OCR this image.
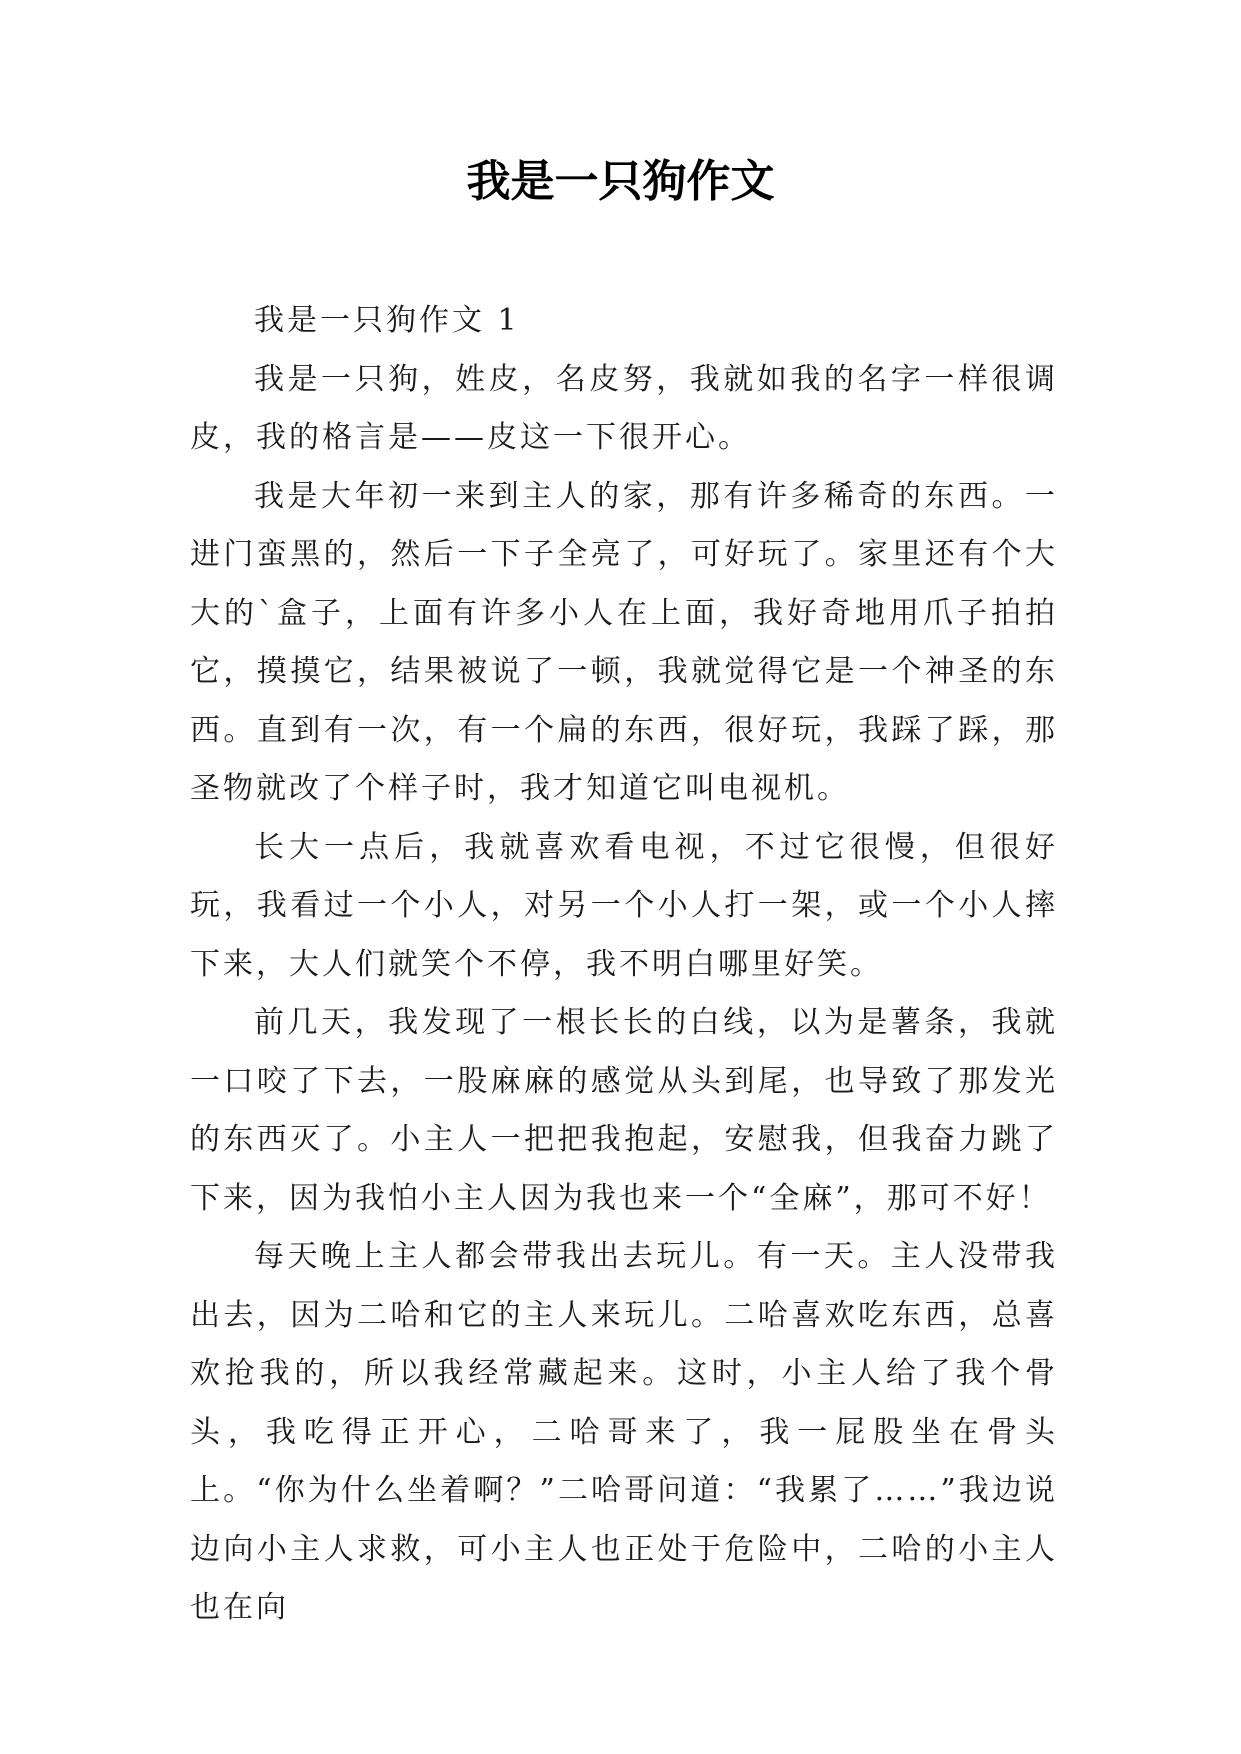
我是一只狗作文

我是一只狗作文 1

我是一只狗，姓皮，名皮努，我就如我的名字一样很调皮，我的格言是——皮这一下很开心。

我是大年初一来到主人的家，那有许多稀奇的东西。一进门蛮黑的，然后一下子全亮了，可好玩了。家里还有个大大的`盒子，上面有许多小人在上面，我好奇地用爪子拍拍它，摸摸它，结果被说了一顿，我就觉得它是一个神圣的东西。直到有一次，有一个扁的东西，很好玩，我踩了踩，那圣物就改了个样子时，我才知道它叫电视机。

长大一点后，我就喜欢看电视，不过它很慢，但很好玩，我看过一个小人，对另一个小人打一架，或一个小人摔下来，大人们就笑个不停，我不明白哪里好笑。

前几天，我发现了一根长长的白线，以为是薯条，我就一口咬了下去，一股麻麻的感觉从头到尾，也导致了那发光的东西灭了。小主人一把把我抱起，安慰我，但我奋力跳了下来，因为我怕小主人因为我也来一个“全麻”，那可不好！

每天晚上主人都会带我出去玩儿。有一天。主人没带我出去，因为二哈和它的主人来玩儿。二哈喜欢吃东西，总喜欢抢我的，所以我经常藏起来。这时，小主人给了我个骨头，我吃得正开心，二哈哥来了，我一屁股坐在骨头上。“你为什么坐着啊？”二哈哥问道：“我累了……”我边说边向小主人求救，可小主人也正处于危险中，二哈的小主人也在向
